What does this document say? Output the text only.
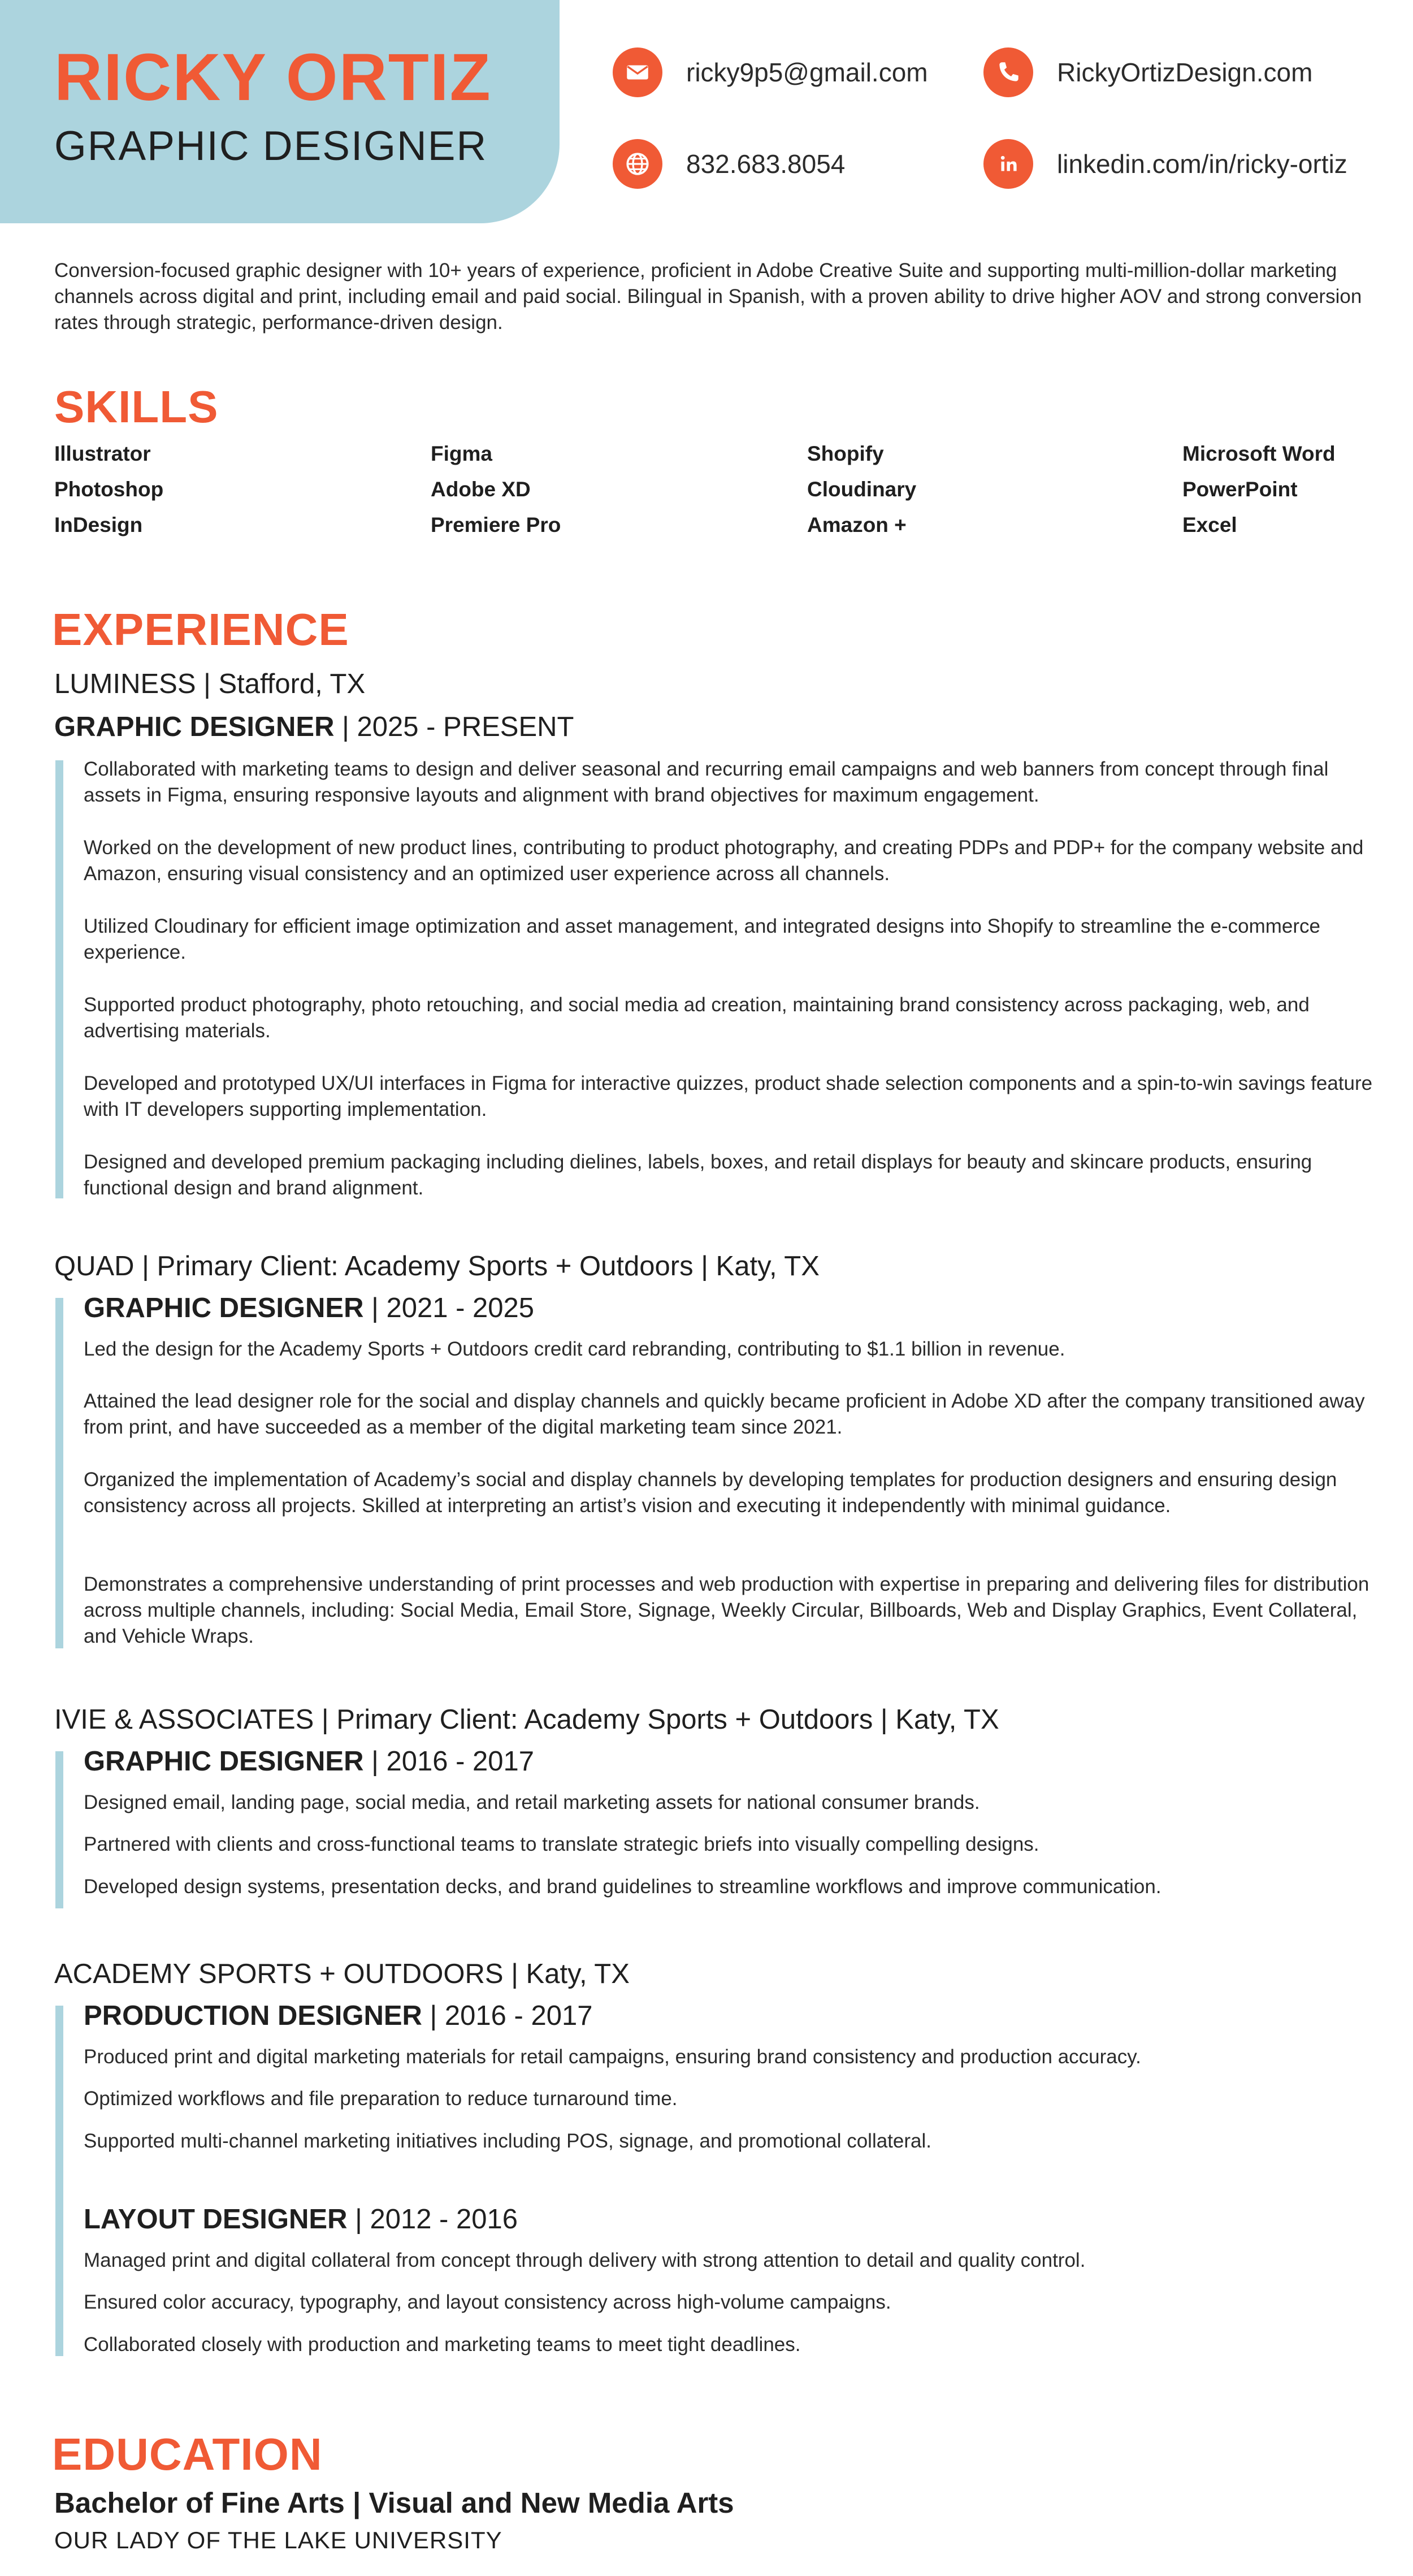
RICKY ORTIZ
GRAPHIC DESIGNER
ricky9p5@gmail.com	RickyOrtizDesign.com
832.683.8054	linkedin.com/in/ricky-ortiz
Conversion-focused graphic designer with 10+ years of experience, proficient in Adobe Creative Suite and supporting multi-million-dollar marketing channels across digital and print, including email and paid social. Bilingual in Spanish, with a proven ability to drive higher AOV and strong conversion rates through strategic, performance-driven design.
SKILLS
Illustrator
Photoshop
InDesign
Figma
Adobe XD
Premiere Pro
Shopify
Cloudinary
Amazon +
Microsoft Word
PowerPoint
Excel
EXPERIENCE
LUMINESS | Stafford, TX
GRAPHIC DESIGNER | 2025 - PRESENT
Collaborated with marketing teams to design and deliver seasonal and recurring email campaigns and web banners from concept through final assets in Figma, ensuring responsive layouts and alignment with brand objectives for maximum engagement.
Worked on the development of new product lines, contributing to product photography, and creating PDPs and PDP+ for the company website and Amazon, ensuring visual consistency and an optimized user experience across all channels.
Utilized Cloudinary for efficient image optimization and asset management, and integrated designs into Shopify to streamline the e-commerce experience.
Supported product photography, photo retouching, and social media ad creation, maintaining brand consistency across packaging, web, and advertising materials.
Developed and prototyped UX/UI interfaces in Figma for interactive quizzes, product shade selection components and a spin-to-win savings feature with IT developers supporting implementation.
Designed and developed premium packaging including dielines, labels, boxes, and retail displays for beauty and skincare products, ensuring functional design and brand alignment.
QUAD | Primary Client: Academy Sports + Outdoors | Katy, TX
GRAPHIC DESIGNER | 2021 - 2025
Led the design for the Academy Sports + Outdoors credit card rebranding, contributing to $1.1 billion in revenue.
Attained the lead designer role for the social and display channels and quickly became proficient in Adobe XD after the company transitioned away from print, and have succeeded as a member of the digital marketing team since 2021.
Organized the implementation of Academy’s social and display channels by developing templates for production designers and ensuring design consistency across all projects. Skilled at interpreting an artist’s vision and executing it independently with minimal guidance.
Demonstrates a comprehensive understanding of print processes and web production with expertise in preparing and delivering files for distribution across multiple channels, including: Social Media, Email Store, Signage, Weekly Circular, Billboards, Web and Display Graphics, Event Collateral, and Vehicle Wraps.
IVIE & ASSOCIATES | Primary Client: Academy Sports + Outdoors | Katy, TX
GRAPHIC DESIGNER | 2016 - 2017
Designed email, landing page, social media, and retail marketing assets for national consumer brands.
Partnered with clients and cross-functional teams to translate strategic briefs into visually compelling designs.
Developed design systems, presentation decks, and brand guidelines to streamline workflows and improve communication.
ACADEMY SPORTS + OUTDOORS | Katy, TX
PRODUCTION DESIGNER | 2016 - 2017
Produced print and digital marketing materials for retail campaigns, ensuring brand consistency and production accuracy.
Optimized workflows and file preparation to reduce turnaround time.
Supported multi-channel marketing initiatives including POS, signage, and promotional collateral.
LAYOUT DESIGNER | 2012 - 2016
Managed print and digital collateral from concept through delivery with strong attention to detail and quality control.
Ensured color accuracy, typography, and layout consistency across high-volume campaigns.
Collaborated closely with production and marketing teams to meet tight deadlines.
EDUCATION
Bachelor of Fine Arts | Visual and New Media Arts
OUR LADY OF THE LAKE UNIVERSITY
